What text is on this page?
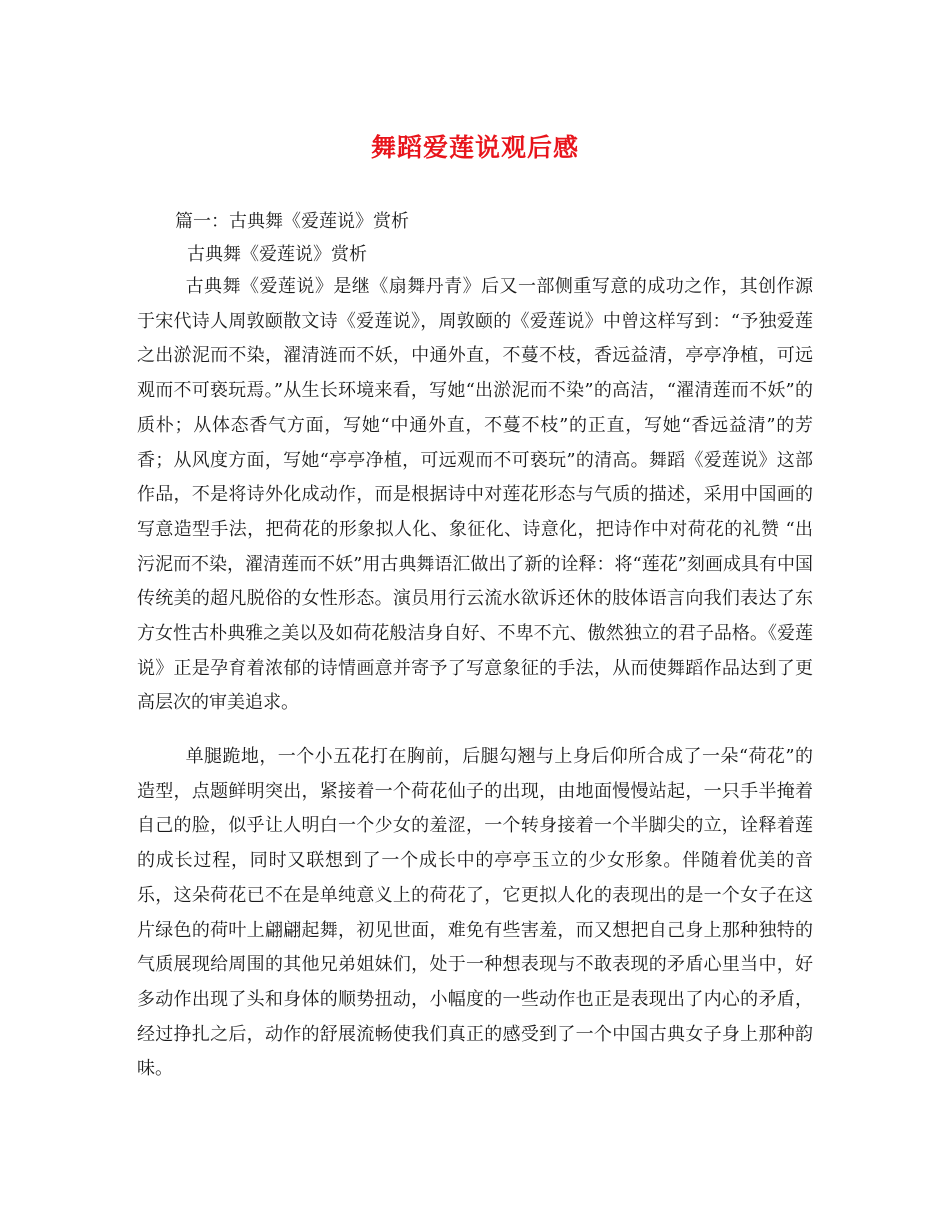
舞蹈爱莲说观后感

篇一：古典舞《爱莲说》赏析

古典舞《爱莲说》赏析

古典舞《爱莲说》是继《扇舞丹青》后又一部侧重写意的成功之作，其创作源于宋代诗人周敦颐散文诗《爱莲说》，周敦颐的《爱莲说》中曾这样写到：“予独爱莲之出淤泥而不染，濯清涟而不妖，中通外直，不蔓不枝，香远益清，亭亭净植，可远观而不可亵玩焉。”从生长环境来看，写她“出淤泥而不染”的高洁，“濯清莲而不妖”的质朴；从体态香气方面，写她“中通外直，不蔓不枝”的正直，写她“香远益清”的芳香；从风度方面，写她“亭亭净植，可远观而不可亵玩”的清高。舞蹈《爱莲说》这部作品，不是将诗外化成动作，而是根据诗中对莲花形态与气质的描述，采用中国画的写意造型手法，把荷花的形象拟人化、象征化、诗意化，把诗作中对荷花的礼赞 “出污泥而不染，濯清莲而不妖”用古典舞语汇做出了新的诠释：将“莲花”刻画成具有中国传统美的超凡脱俗的女性形态。演员用行云流水欲诉还休的肢体语言向我们表达了东方女性古朴典雅之美以及如荷花般洁身自好、不卑不亢、傲然独立的君子品格。《爱莲说》正是孕育着浓郁的诗情画意并寄予了写意象征的手法，从而使舞蹈作品达到了更高层次的审美追求。

单腿跪地，一个小五花打在胸前，后腿勾翘与上身后仰所合成了一朵“荷花”的造型，点题鲜明突出，紧接着一个荷花仙子的出现，由地面慢慢站起，一只手半掩着自己的脸，似乎让人明白一个少女的羞涩，一个转身接着一个半脚尖的立，诠释着莲的成长过程，同时又联想到了一个成长中的亭亭玉立的少女形象。伴随着优美的音乐，这朵荷花已不在是单纯意义上的荷花了，它更拟人化的表现出的是一个女子在这片绿色的荷叶上翩翩起舞，初见世面，难免有些害羞，而又想把自己身上那种独特的气质展现给周围的其他兄弟姐妹们，处于一种想表现与不敢表现的矛盾心里当中，好多动作出现了头和身体的顺势扭动，小幅度的一些动作也正是表现出了内心的矛盾，经过挣扎之后，动作的舒展流畅使我们真正的感受到了一个中国古典女子身上那种韵味。
